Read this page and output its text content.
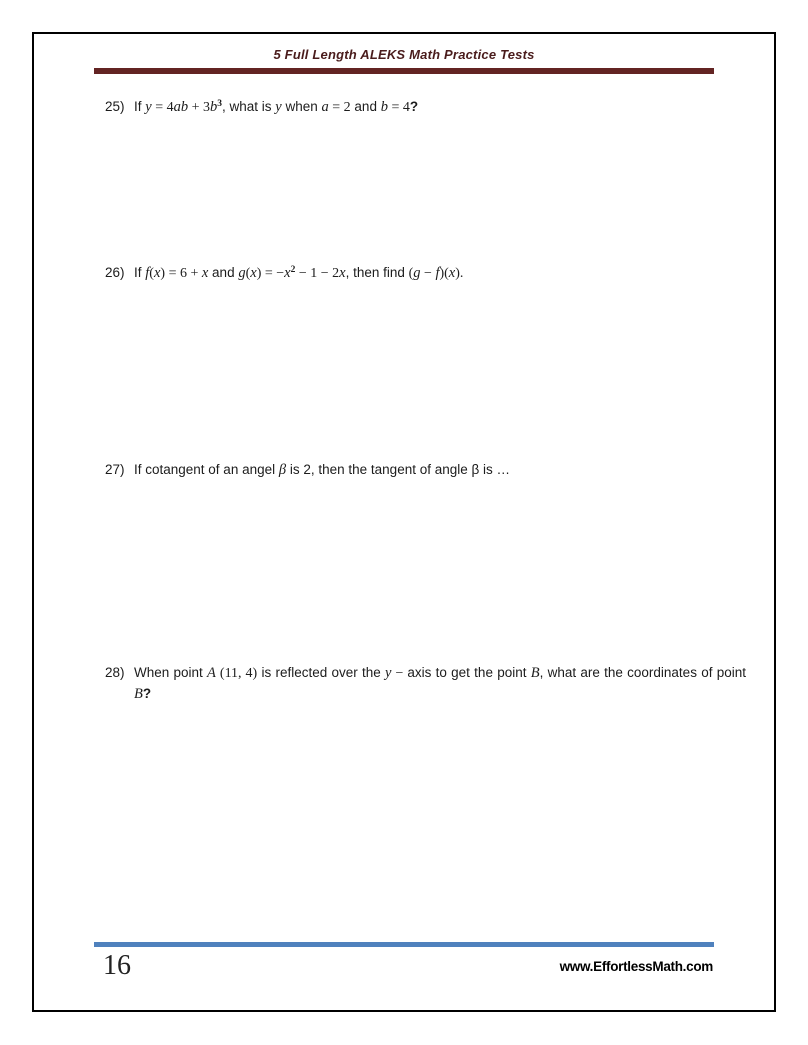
5 Full Length ALEKS Math Practice Tests
25) If $y = 4ab + 3b^3$, what is y when a = 2 and b = 4?
26) If f(x) = 6 + x and $g(x) = -x^2 - 1 - 2x$, then find (g − f)(x).
27) If cotangent of an angel β is 2, then the tangent of angle β is …
28) When point A (11, 4) is reflected over the y − axis to get the point B, what are the coordinates of point B?
16	www.EffortlessMath.com
